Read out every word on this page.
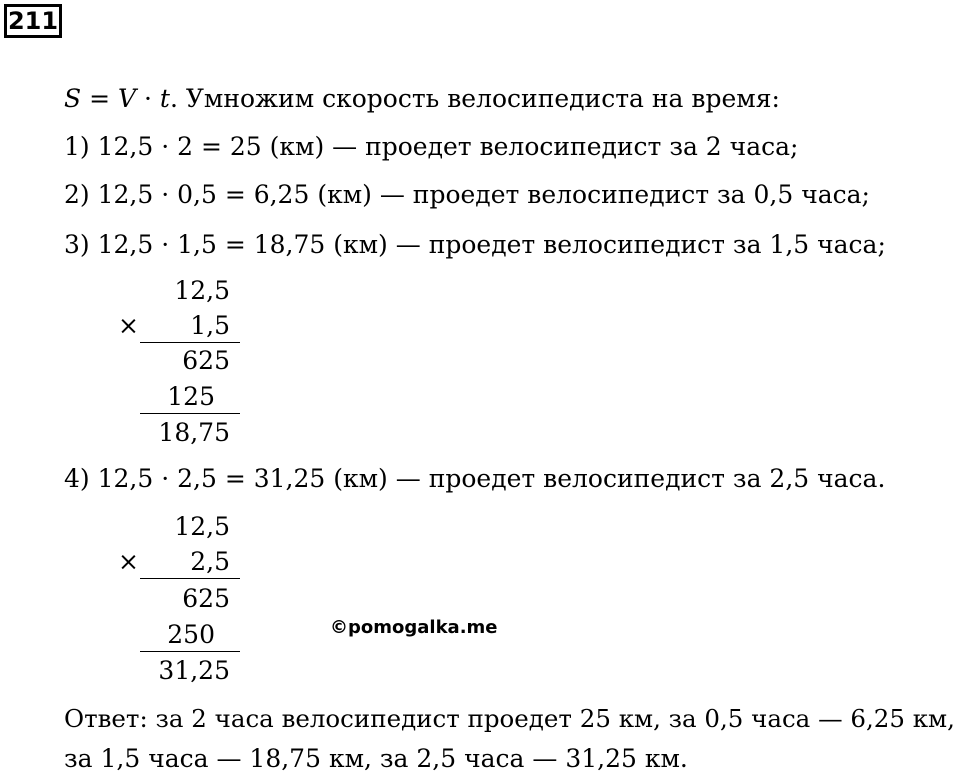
211
S = V · t. Умножим скорость велосипедиста на время:
1) 12,5 · 2 = 25 (км) — проедет велосипедист за 2 часа;
2) 12,5 · 0,5 = 6,25 (км) — проедет велосипедист за 0,5 часа;
3) 12,5 · 1,5 = 18,75 (км) — проедет велосипедист за 1,5 часа;
12,5
× 1,5
625
125
18,75
4) 12,5 · 2,5 = 31,25 (км) — проедет велосипедист за 2,5 часа.
12,5
× 2,5
625
250
31,25
©pomogalka.me
Ответ: за 2 часа велосипедист проедет 25 км, за 0,5 часа — 6,25 км,
за 1,5 часа — 18,75 км, за 2,5 часа — 31,25 км.
